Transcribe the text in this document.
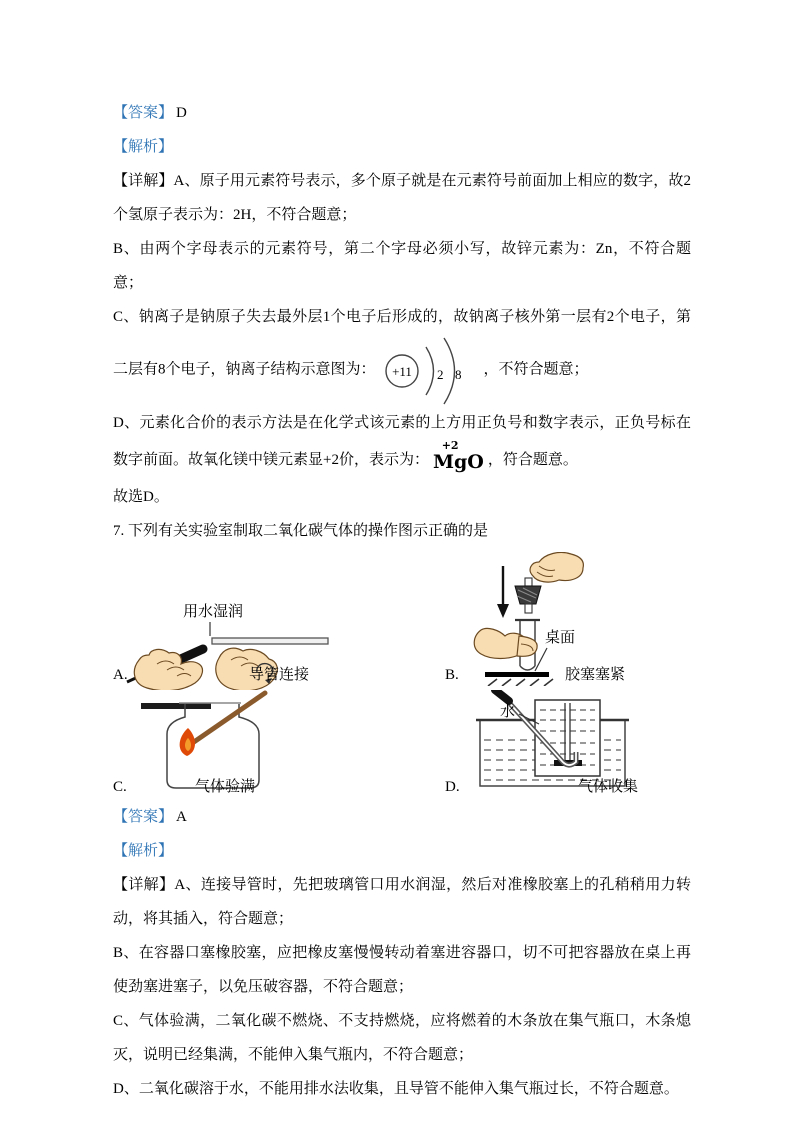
【答案】 D
【解析】

【详解】A、原子用元素符号表示，多个原子就是在元素符号前面加上相应的数字，故2个氢原子表示为：2H，不符合题意；

B、由两个字母表示的元素符号，第二个字母必须小写，故锌元素为：Zn，不符合题意；

C、钠离子是钠原子失去最外层1个电子后形成的，故钠离子核外第一层有2个电子，第二层有8个电子，钠离子结构示意图为： +11 2 8 ，不符合题意；

D、元素化合价的表示方法是在化学式该元素的上方用正负号和数字表示，正负号标在数字前面。故氧化镁中镁元素显+2价，表示为：
+2
Mg O ，符合题意。

故选D。

7. 下列有关实验室制取二氧化碳气体的操作图示正确的是

用水湿润
A.	导管连接
桌面
B.	胶塞塞紧
C.	气体验满
水
D.	气体收集
【答案】 A
【解析】

【详解】A、连接导管时，先把玻璃管口用水润湿，然后对准橡胶塞上的孔稍稍用力转动，将其插入，符合题意；

B、在容器口塞橡胶塞，应把橡皮塞慢慢转动着塞进容器口，切不可把容器放在桌上再使劲塞进塞子，以免压破容器，不符合题意；

C、气体验满，二氧化碳不燃烧、不支持燃烧，应将燃着的木条放在集气瓶口，木条熄灭，说明已经集满，不能伸入集气瓶内，不符合题意；

D、二氧化碳溶于水，不能用排水法收集，且导管不能伸入集气瓶过长，不符合题意。
